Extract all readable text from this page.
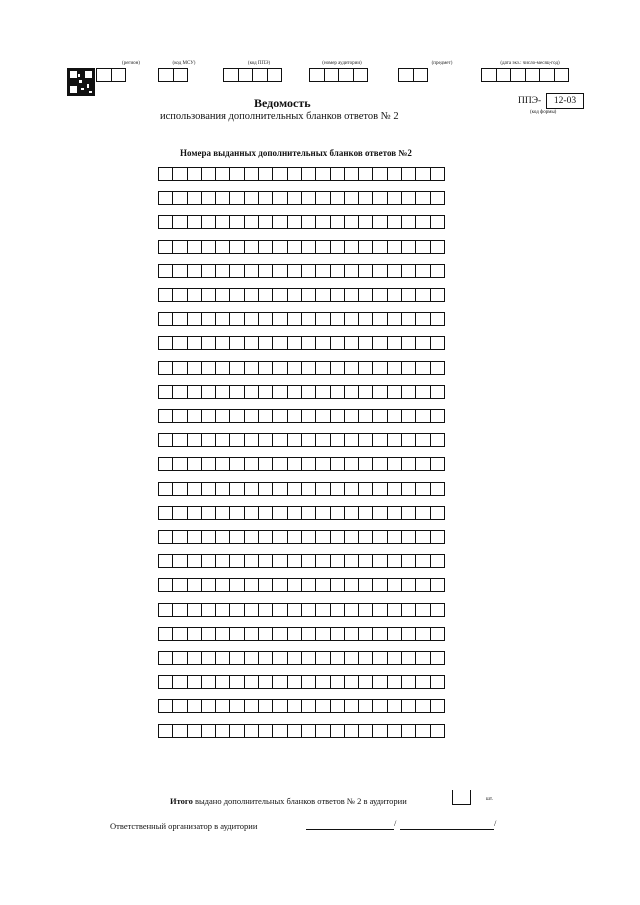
(регион)	(код МСУ)	(код ППЭ)	(номер аудитории)	(предмет)	(дата экз.: число-месяц-год)
Ведомость
использования дополнительных бланков ответов № 2
ППЭ-	12-03
(код формы)
Номера выданных дополнительных бланков ответов №2
Итого выдано дополнительных бланков ответов № 2 в аудитории	шт.
Ответственный организатор в аудитории	/	/
